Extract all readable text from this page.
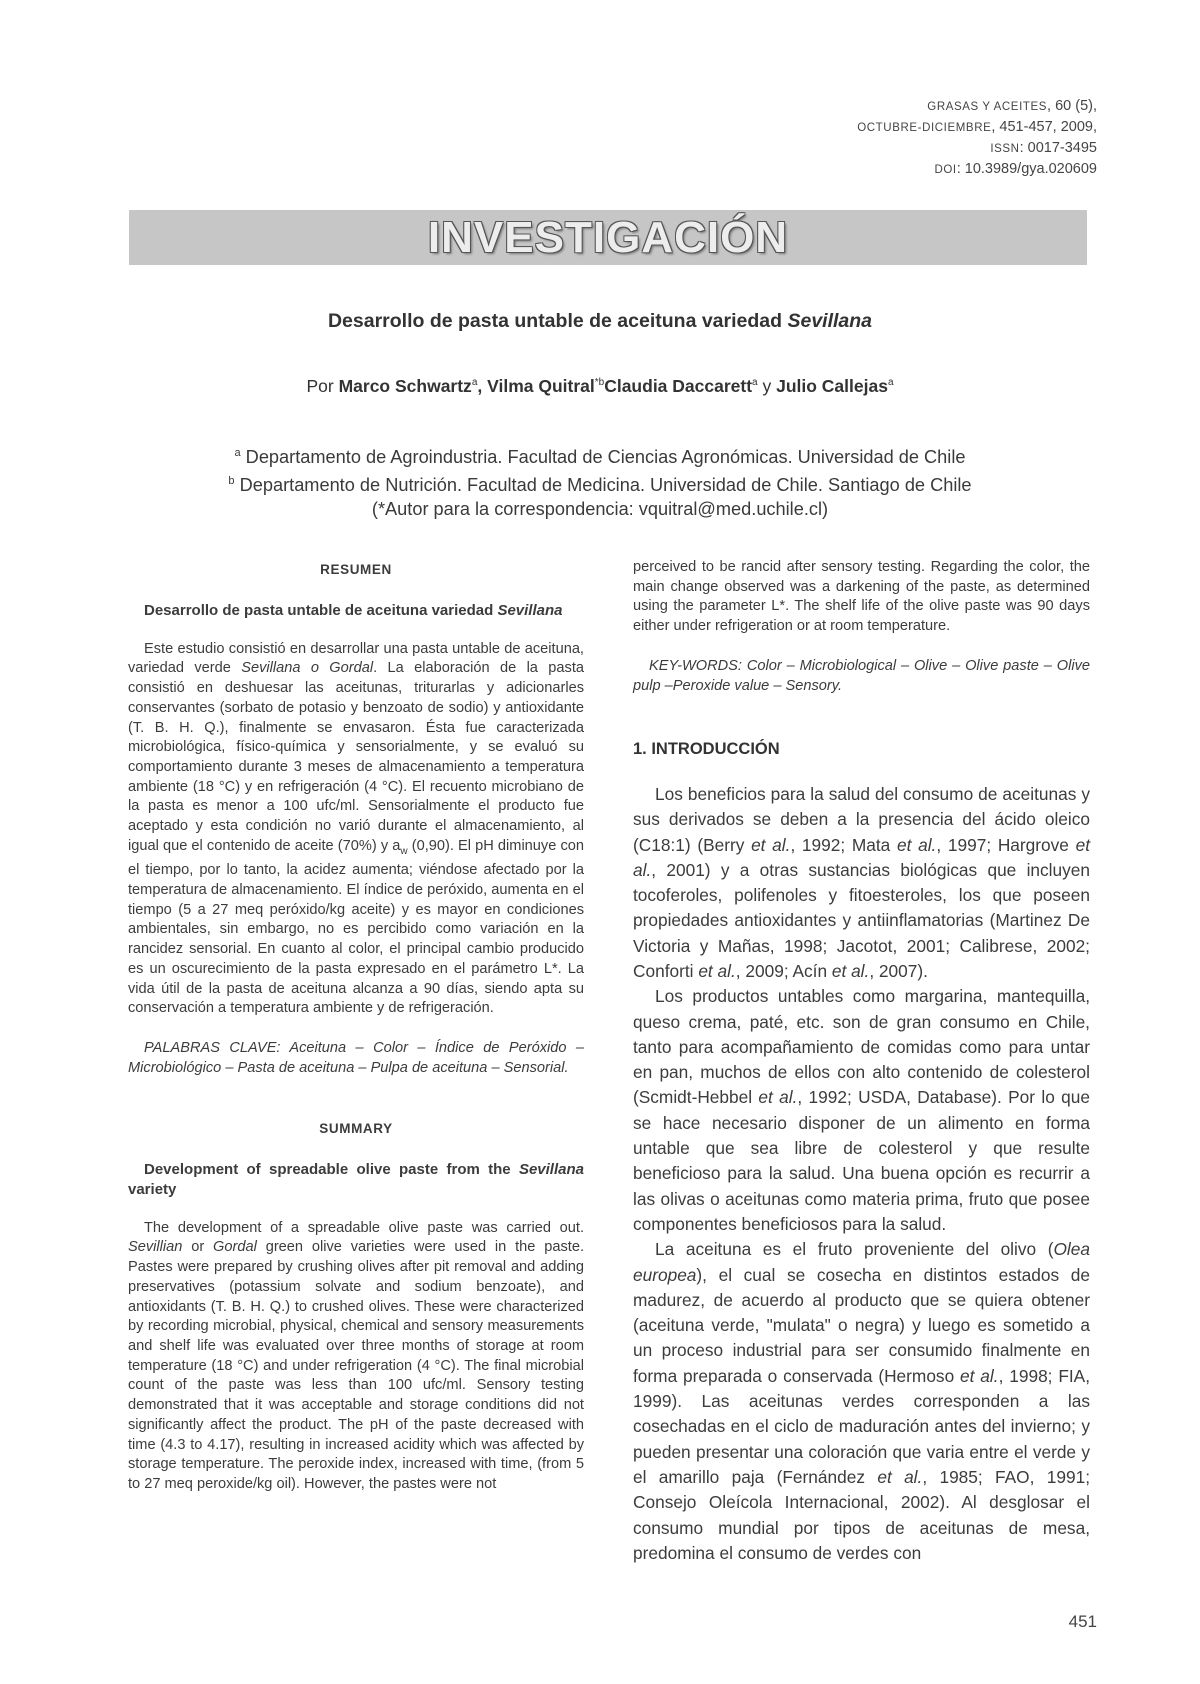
GRASAS Y ACEITES, 60 (5),
OCTUBRE-DICIEMBRE, 451-457, 2009,
ISSN: 0017-3495
DOI: 10.3989/gya.020609
INVESTIGACIÓN
Desarrollo de pasta untable de aceituna variedad Sevillana
Por Marco Schwartz$^a$, Vilma Quitral$^{*b}$Claudia Daccarett$^a$ y Julio Callejas$^a$
$^a$ Departamento de Agroindustria. Facultad de Ciencias Agronómicas. Universidad de Chile
$^b$ Departamento de Nutrición. Facultad de Medicina. Universidad de Chile. Santiago de Chile
(*Autor para la correspondencia: vquitral@med.uchile.cl)
RESUMEN

Desarrollo de pasta untable de aceituna variedad Sevillana

Este estudio consistió en desarrollar una pasta untable de aceituna, variedad verde Sevillana o Gordal. La elaboración de la pasta consistió en deshuesar las aceitunas, triturarlas y adicionarles conservantes (sorbato de potasio y benzoato de sodio) y antioxidante (T. B. H. Q.), finalmente se envasaron. Ésta fue caracterizada microbiológica, físico-química y sensorialmente, y se evaluó su comportamiento durante 3 meses de almacenamiento a temperatura ambiente (18 °C) y en refrigeración (4 °C). El recuento microbiano de la pasta es menor a 100 ufc/ml. Sensorialmente el producto fue aceptado y esta condición no varió durante el almacenamiento, al igual que el contenido de aceite (70%) y $a_w$ (0,90). El pH diminuye con el tiempo, por lo tanto, la acidez aumenta; viéndose afectado por la temperatura de almacenamiento. El índice de peróxido, aumenta en el tiempo (5 a 27 meq peróxido/kg aceite) y es mayor en condiciones ambientales, sin embargo, no es percibido como variación en la rancidez sensorial. En cuanto al color, el principal cambio producido es un oscurecimiento de la pasta expresado en el parámetro L*. La vida útil de la pasta de aceituna alcanza a 90 días, siendo apta su conservación a temperatura ambiente y de refrigeración.

PALABRAS CLAVE: Aceituna – Color – Índice de Peróxido – Microbiológico – Pasta de aceituna – Pulpa de aceituna – Sensorial.

SUMMARY

Development of spreadable olive paste from the Sevillana variety

The development of a spreadable olive paste was carried out. Sevillian or Gordal green olive varieties were used in the paste. Pastes were prepared by crushing olives after pit removal and adding preservatives (potassium solvate and sodium benzoate), and antioxidants (T. B. H. Q.) to crushed olives. These were characterized by recording microbial, physical, chemical and sensory measurements and shelf life was evaluated over three months of storage at room temperature (18 °C) and under refrigeration (4 °C). The final microbial count of the paste was less than 100 ufc/ml. Sensory testing demonstrated that it was acceptable and storage conditions did not significantly affect the product. The pH of the paste decreased with time (4.3 to 4.17), resulting in increased acidity which was affected by storage temperature. The peroxide index, increased with time, (from 5 to 27 meq peroxide/kg oil). However, the pastes were not

perceived to be rancid after sensory testing. Regarding the color, the main change observed was a darkening of the paste, as determined using the parameter L*. The shelf life of the olive paste was 90 days either under refrigeration or at room temperature.

KEY-WORDS: Color – Microbiological – Olive – Olive paste – Olive pulp –Peroxide value – Sensory.

1. INTRODUCCIÓN

Los beneficios para la salud del consumo de aceitunas y sus derivados se deben a la presencia del ácido oleico (C18:1) (Berry et al., 1992; Mata et al., 1997; Hargrove et al., 2001) y a otras sustancias biológicas que incluyen tocoferoles, polifenoles y fitoesteroles, los que poseen propiedades antioxidantes y antiinflamatorias (Martinez De Victoria y Mañas, 1998; Jacotot, 2001; Calibrese, 2002; Conforti et al., 2009; Acín et al., 2007).

Los productos untables como margarina, mantequilla, queso crema, paté, etc. son de gran consumo en Chile, tanto para acompañamiento de comidas como para untar en pan, muchos de ellos con alto contenido de colesterol (Scmidt-Hebbel et al., 1992; USDA, Database). Por lo que se hace necesario disponer de un alimento en forma untable que sea libre de colesterol y que resulte beneficioso para la salud. Una buena opción es recurrir a las olivas o aceitunas como materia prima, fruto que posee componentes beneficiosos para la salud.

La aceituna es el fruto proveniente del olivo (Olea europea), el cual se cosecha en distintos estados de madurez, de acuerdo al producto que se quiera obtener (aceituna verde, "mulata" o negra) y luego es sometido a un proceso industrial para ser consumido finalmente en forma preparada o conservada (Hermoso et al., 1998; FIA, 1999). Las aceitunas verdes corresponden a las cosechadas en el ciclo de maduración antes del invierno; y pueden presentar una coloración que varia entre el verde y el amarillo paja (Fernández et al., 1985; FAO, 1991; Consejo Oleícola Internacional, 2002). Al desglosar el consumo mundial por tipos de aceitunas de mesa, predomina el consumo de verdes con

451
